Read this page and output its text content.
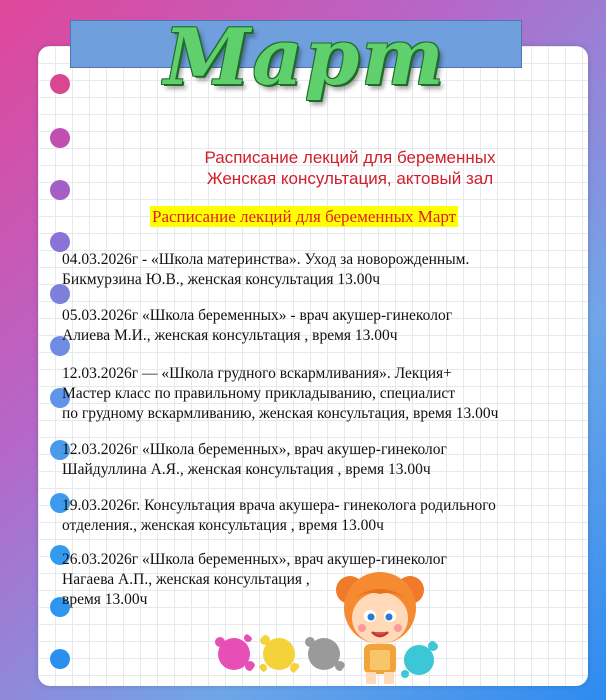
Март
Расписание лекций для беременных
Женская консультация, актовый зал
Расписание лекций для беременных Март
04.03.2026г - «Школа материнства». Уход за новорожденным.
Бикмурзина Ю.В., женская консультация 13.00ч
05.03.2026г «Школа беременных» - врач акушер-гинеколог
Алиева М.И., женская консультация , время 13.00ч
12.03.2026г — «Школа грудного вскармливания». Лекция+
Мастер класс по правильному прикладыванию, специалист
по грудному вскармливанию, женская консультация, время 13.00ч
12.03.2026г «Школа беременных», врач акушер-гинеколог
Шайдуллина А.Я., женская консультация , время 13.00ч
19.03.2026г. Консультация врача акушера- гинеколога родильного
отделения., женская консультация , время 13.00ч
26.03.2026г «Школа беременных», врач акушер-гинеколог
Нагаева А.П., женская консультация ,
время 13.00ч
